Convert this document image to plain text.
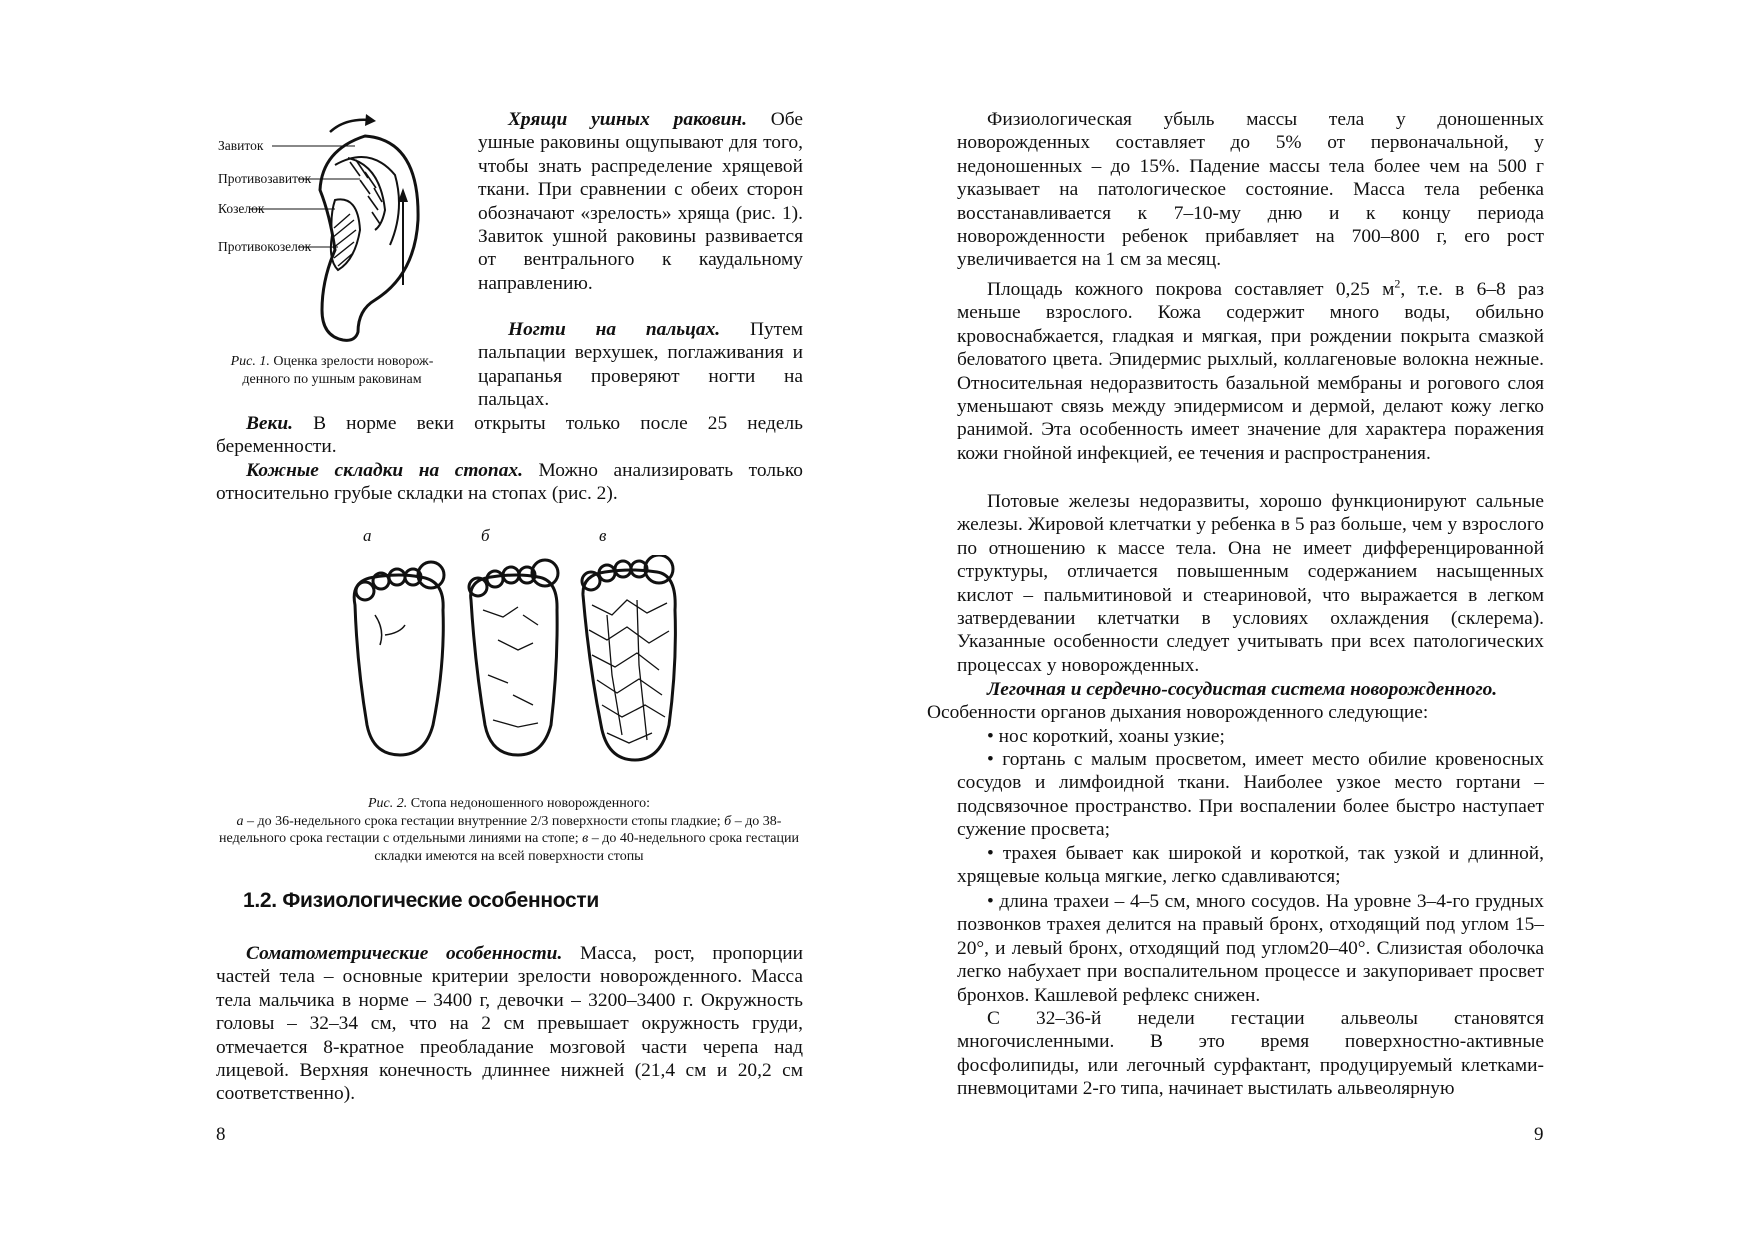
Завиток
Противозавиток
Козелок
Противокозелок

Рис. 1. Оценка зрелости новорож-денного по ушным раковинам

Хрящи ушных раковин. Обе ушные раковины ощупывают для того, чтобы знать распределение хрящевой ткани. При сравнении с обеих сторон обозначают «зрелость» хряща (рис. 1). Завиток ушной раковины развивается от вентрального к каудальному направлению.

Ногти на пальцах. Путем пальпации верхушек, поглаживания и царапанья проверяют ногти на пальцах.

Веки. В норме веки открыты только после 25 недель беременности.

Кожные складки на стопах. Можно анализировать только относительно грубые складки на стопах (рис. 2).

а	б	в

Рис. 2. Стопа недоношенного новорожденного:
а – до 36-недельного срока гестации внутренние 2/3 поверхности стопы гладкие; б – до 38-недельного срока гестации с отдельными линиями на стопе; в – до 40-недельного срока гестации складки имеются на всей поверхности стопы

1.2. Физиологические особенности

Соматометрические особенности. Масса, рост, пропорции частей тела – основные критерии зрелости новорожденного. Масса тела мальчика в норме – 3400 г, девочки – 3200–3400 г. Окружность головы – 32–34 см, что на 2 см превышает окружность груди, отмечается 8-кратное преобладание мозговой части черепа над лицевой. Верхняя конечность длиннее нижней (21,4 см и 20,2 см соответственно).

8

Физиологическая убыль массы тела у доношенных новорожденных составляет до 5% от первоначальной, у недоношенных – до 15%. Падение массы тела более чем на 500 г указывает на патологическое состояние. Масса тела ребенка восстанавливается к 7–10-му дню и к концу периода новорожденности ребенок прибавляет на 700–800 г, его рост увеличивается на 1 см за месяц.

Площадь кожного покрова составляет 0,25 $м^2$, т.е. в 6–8 раз меньше взрослого. Кожа содержит много воды, обильно кровоснабжается, гладкая и мягкая, при рождении покрыта смазкой беловатого цвета. Эпидермис рыхлый, коллагеновые волокна нежные. Относительная недоразвитость базальной мембраны и рогового слоя уменьшают связь между эпидермисом и дермой, делают кожу легко ранимой. Эта особенность имеет значение для характера поражения кожи гнойной инфекцией, ее течения и распространения.

Потовые железы недоразвиты, хорошо функционируют сальные железы. Жировой клетчатки у ребенка в 5 раз больше, чем у взрослого по отношению к массе тела. Она не имеет дифференцированной структуры, отличается повышенным содержанием насыщенных кислот – пальмитиновой и стеариновой, что выражается в легком затвердевании клетчатки в условиях охлаждения (склерема). Указанные особенности следует учитывать при всех патологических процессах у новорожденных.

Легочная и сердечно-сосудистая система новорожденного.
Особенности органов дыхания новорожденного следующие:

• нос короткий, хоаны узкие;

• гортань с малым просветом, имеет место обилие кровеносных сосудов и лимфоидной ткани. Наиболее узкое место гортани – подсвязочное пространство. При воспалении более быстро наступает сужение просвета;

• трахея бывает как широкой и короткой, так узкой и длинной, хрящевые кольца мягкие, легко сдавливаются;

• длина трахеи – 4–5 см, много сосудов. На уровне 3–4-го грудных позвонков трахея делится на правый бронх, отходящий под углом 15–20°, и левый бронх, отходящий под углом20–40°. Слизистая оболочка легко набухает при воспалительном процессе и закупоривает просвет бронхов. Кашлевой рефлекс снижен.

С 32–36-й недели гестации альвеолы становятся многочисленными. В это время поверхностно-активные фосфолипиды, или легочный сурфактант, продуцируемый клетками-пневмоцитами 2-го типа, начинает выстилать альвеолярную

9
